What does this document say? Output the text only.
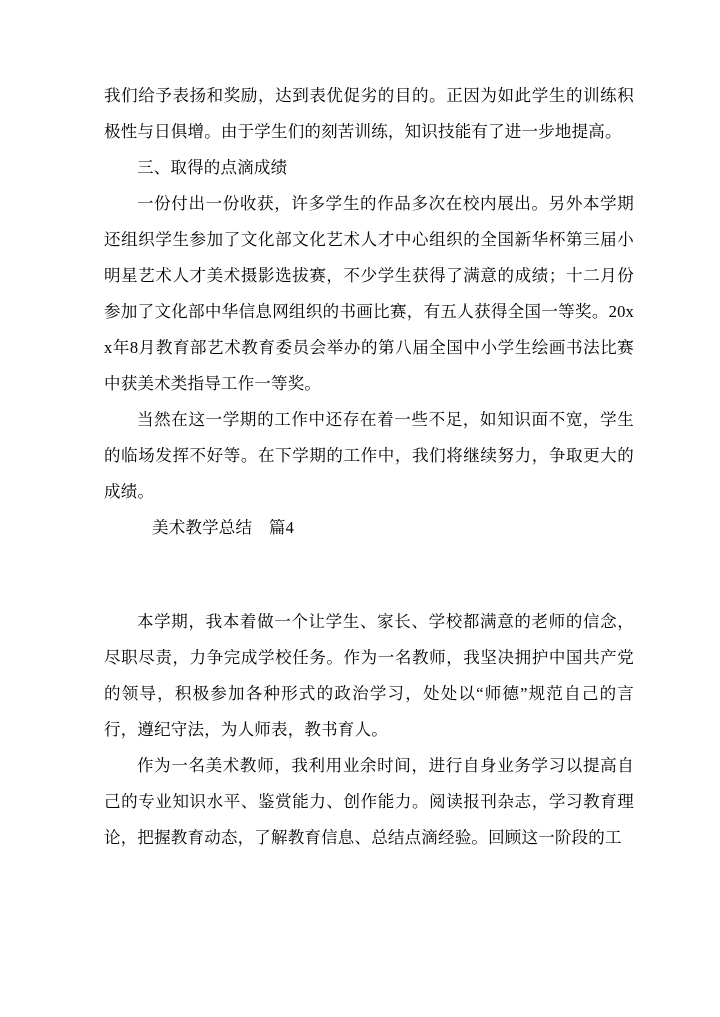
我们给予表扬和奖励，达到表优促劣的目的。正因为如此学生的训练积极性与日俱增。由于学生们的刻苦训练，知识技能有了进一步地提高。

三、取得的点滴成绩

一份付出一份收获，许多学生的作品多次在校内展出。另外本学期还组织学生参加了文化部文化艺术人才中心组织的全国新华杯第三届小明星艺术人才美术摄影选拔赛，不少学生获得了满意的成绩；十二月份参加了文化部中华信息网组织的书画比赛，有五人获得全国一等奖。20xx年8月教育部艺术教育委员会举办的第八届全国中小学生绘画书法比赛中获美术类指导工作一等奖。

当然在这一学期的工作中还存在着一些不足，如知识面不宽，学生的临场发挥不好等。在下学期的工作中，我们将继续努力，争取更大的成绩。

美术教学总结　篇4

本学期，我本着做一个让学生、家长、学校都满意的老师的信念，尽职尽责，力争完成学校任务。作为一名教师，我坚决拥护中国共产党的领导，积极参加各种形式的政治学习，处处以“师德”规范自己的言行，遵纪守法，为人师表，教书育人。

作为一名美术教师，我利用业余时间，进行自身业务学习以提高自己的专业知识水平、鉴赏能力、创作能力。阅读报刊杂志，学习教育理论，把握教育动态，了解教育信息、总结点滴经验。回顾这一阶段的工
